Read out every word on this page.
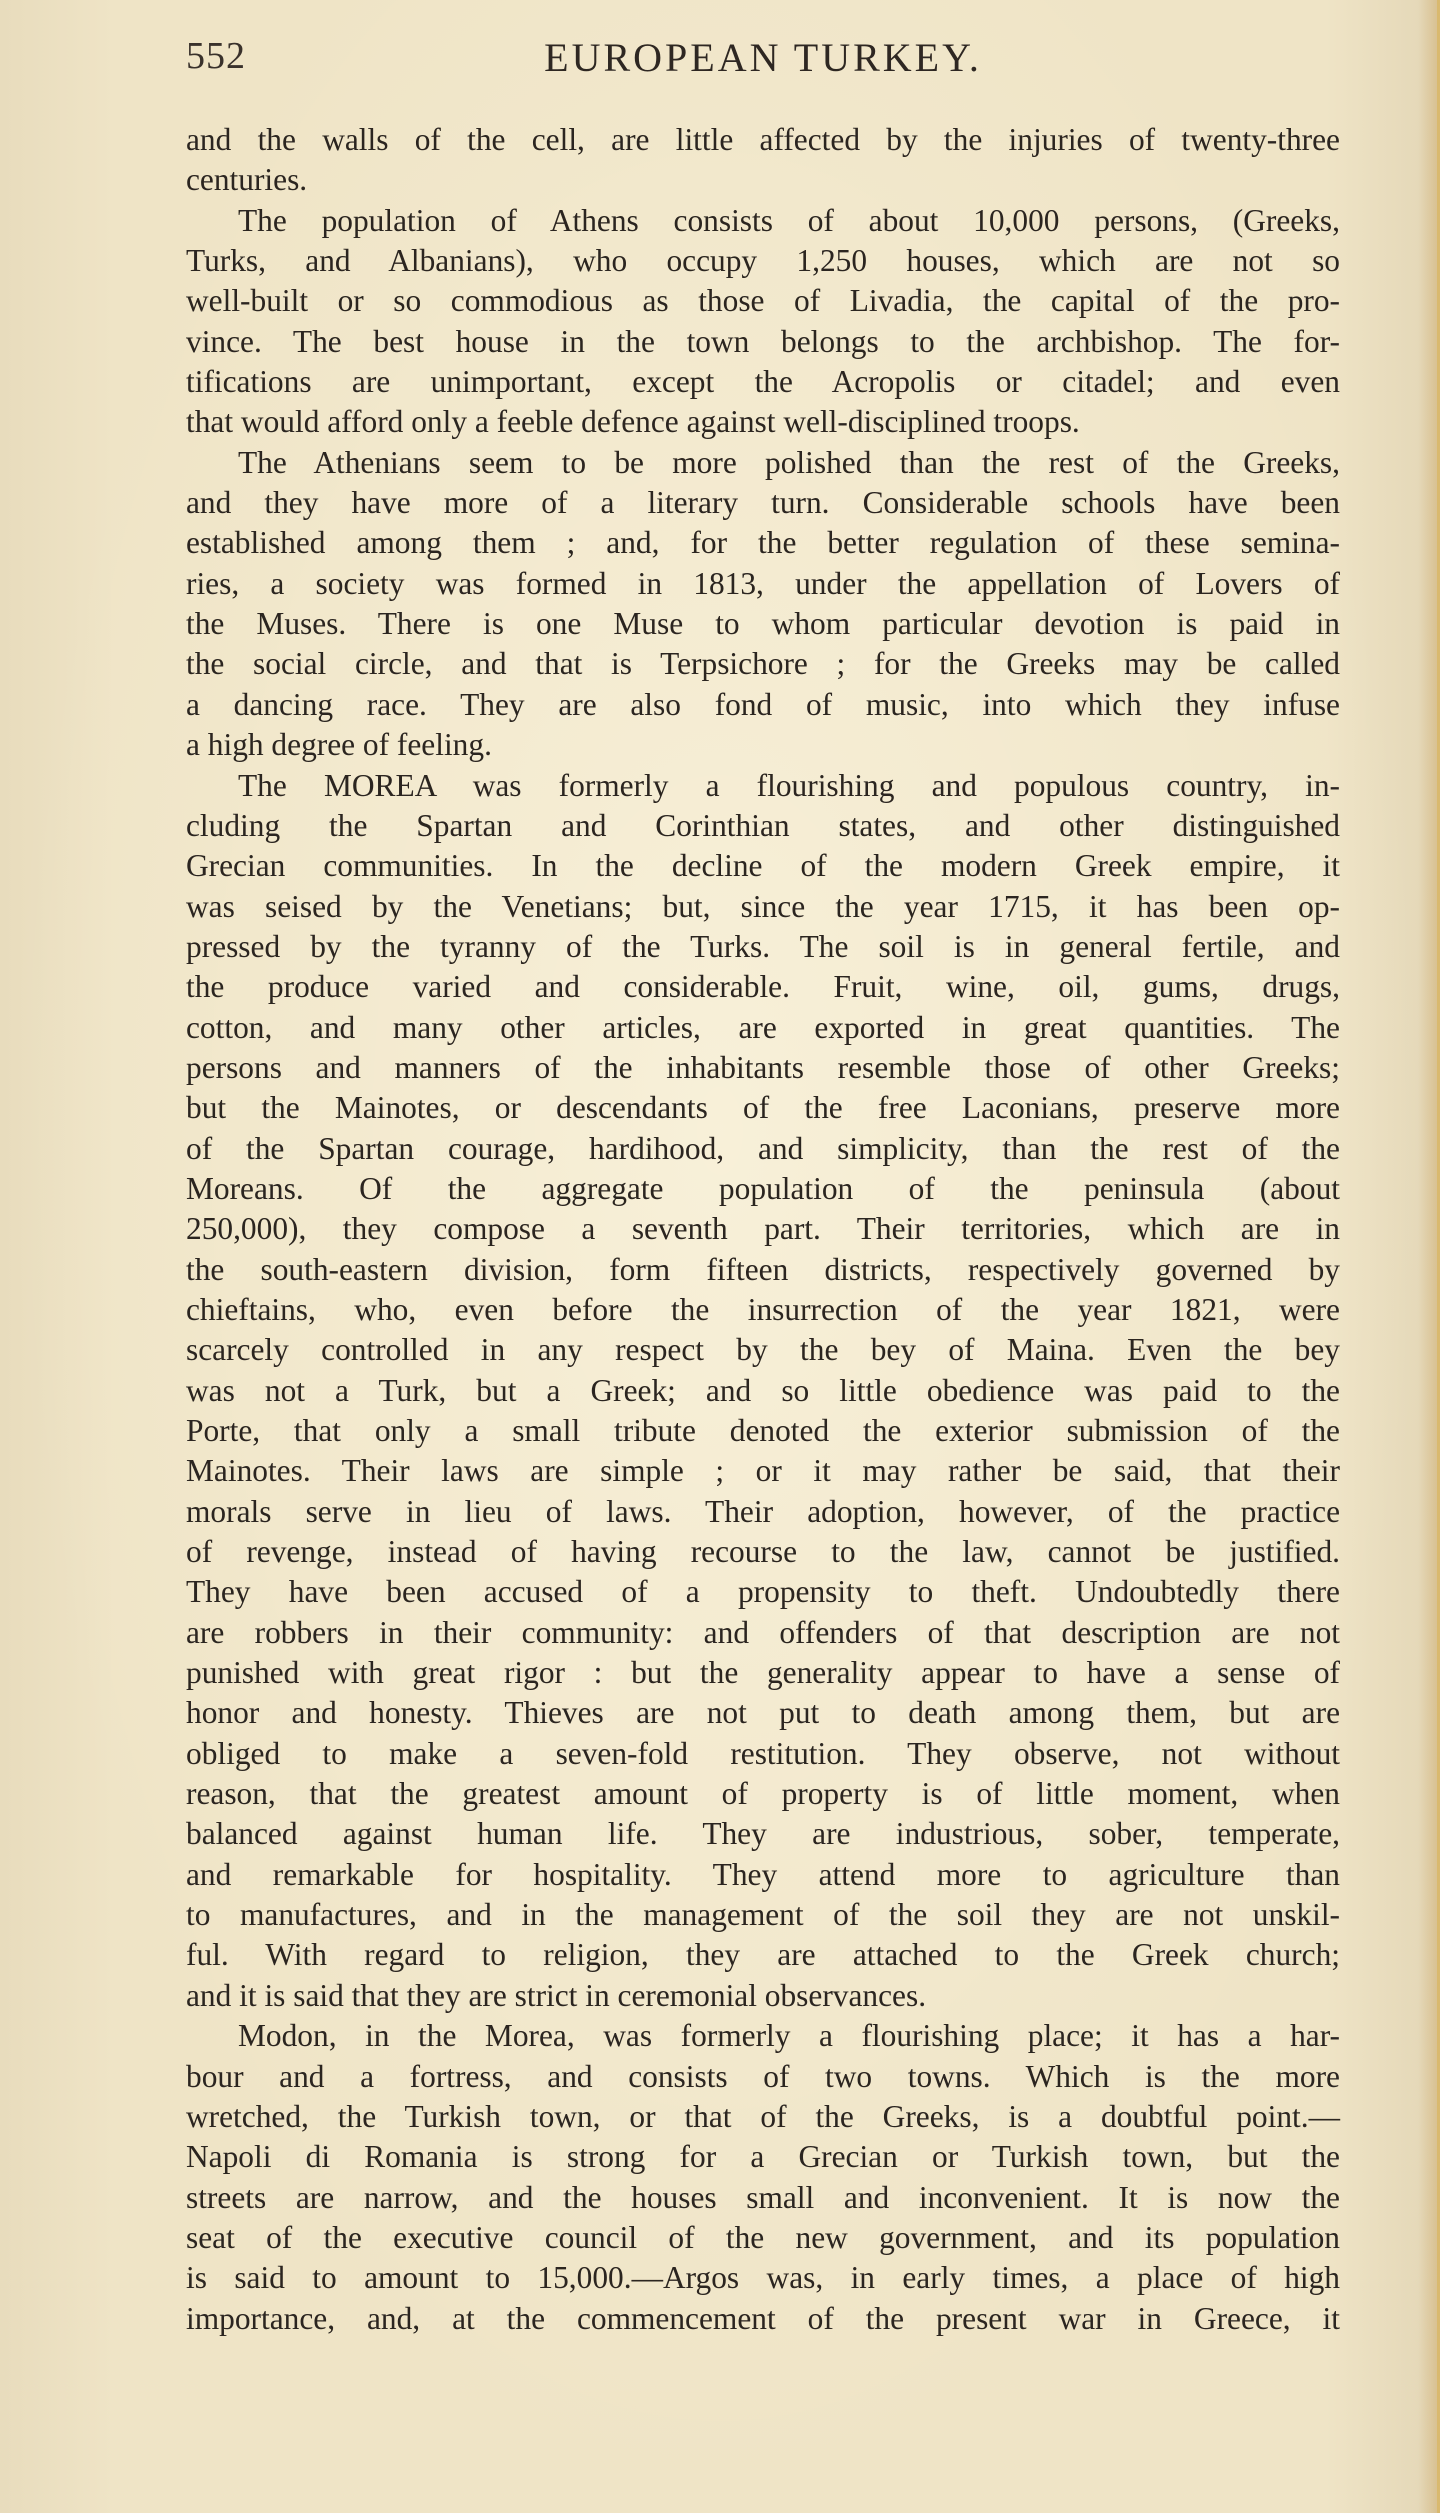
552	EUROPEAN TURKEY.
and the walls of the cell, are little affected by the injuries of twenty-three
centuries.
The population of Athens consists of about 10,000 persons, (Greeks,
Turks, and Albanians), who occupy 1,250 houses, which are not so
well-built or so commodious as those of Livadia, the capital of the pro-
vince. The best house in the town belongs to the archbishop. The for-
tifications are unimportant, except the Acropolis or citadel; and even
that would afford only a feeble defence against well-disciplined troops.
The Athenians seem to be more polished than the rest of the Greeks,
and they have more of a literary turn. Considerable schools have been
established among them ; and, for the better regulation of these semina-
ries, a society was formed in 1813, under the appellation of Lovers of
the Muses. There is one Muse to whom particular devotion is paid in
the social circle, and that is Terpsichore ; for the Greeks may be called
a dancing race. They are also fond of music, into which they infuse
a high degree of feeling.
The MOREA was formerly a flourishing and populous country, in-
cluding the Spartan and Corinthian states, and other distinguished
Grecian communities. In the decline of the modern Greek empire, it
was seised by the Venetians; but, since the year 1715, it has been op-
pressed by the tyranny of the Turks. The soil is in general fertile, and
the produce varied and considerable. Fruit, wine, oil, gums, drugs,
cotton, and many other articles, are exported in great quantities. The
persons and manners of the inhabitants resemble those of other Greeks;
but the Mainotes, or descendants of the free Laconians, preserve more
of the Spartan courage, hardihood, and simplicity, than the rest of the
Moreans. Of the aggregate population of the peninsula (about
250,000), they compose a seventh part. Their territories, which are in
the south-eastern division, form fifteen districts, respectively governed by
chieftains, who, even before the insurrection of the year 1821, were
scarcely controlled in any respect by the bey of Maina. Even the bey
was not a Turk, but a Greek; and so little obedience was paid to the
Porte, that only a small tribute denoted the exterior submission of the
Mainotes. Their laws are simple ; or it may rather be said, that their
morals serve in lieu of laws. Their adoption, however, of the practice
of revenge, instead of having recourse to the law, cannot be justified.
They have been accused of a propensity to theft. Undoubtedly there
are robbers in their community: and offenders of that description are not
punished with great rigor : but the generality appear to have a sense of
honor and honesty. Thieves are not put to death among them, but are
obliged to make a seven-fold restitution. They observe, not without
reason, that the greatest amount of property is of little moment, when
balanced against human life. They are industrious, sober, temperate,
and remarkable for hospitality. They attend more to agriculture than
to manufactures, and in the management of the soil they are not unskil-
ful. With regard to religion, they are attached to the Greek church;
and it is said that they are strict in ceremonial observances.
Modon, in the Morea, was formerly a flourishing place; it has a har-
bour and a fortress, and consists of two towns. Which is the more
wretched, the Turkish town, or that of the Greeks, is a doubtful point.—
Napoli di Romania is strong for a Grecian or Turkish town, but the
streets are narrow, and the houses small and inconvenient. It is now the
seat of the executive council of the new government, and its population
is said to amount to 15,000.—Argos was, in early times, a place of high
importance, and, at the commencement of the present war in Greece, it
